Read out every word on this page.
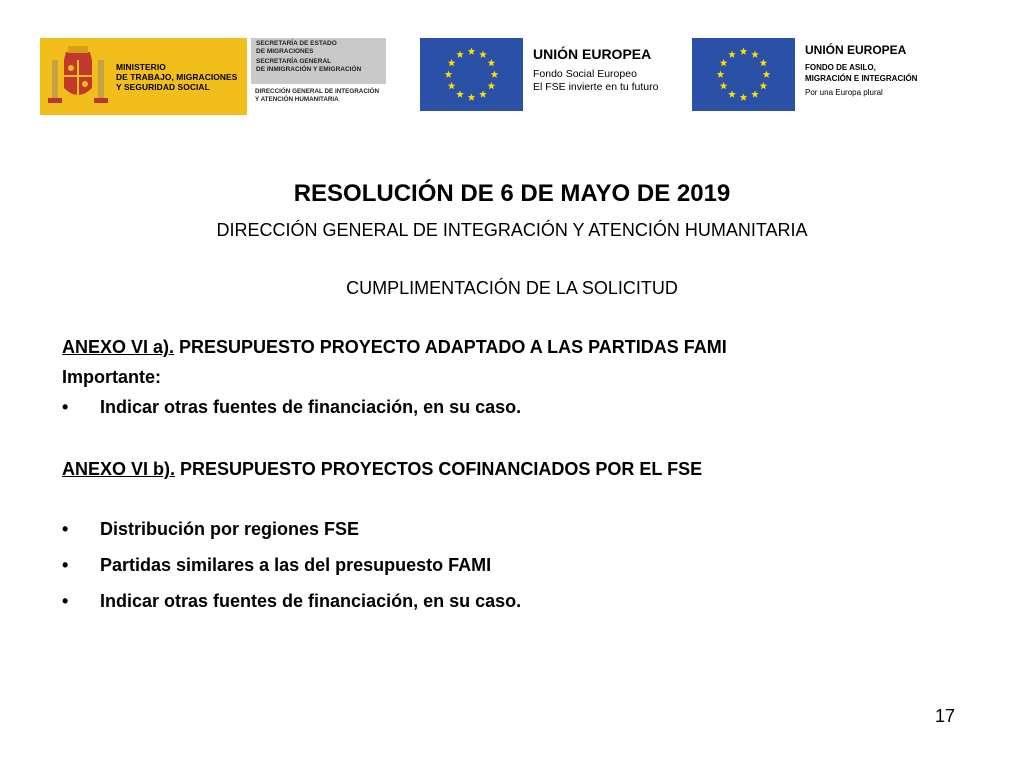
MINISTERIO
DE TRABAJO, MIGRACIONES
Y SEGURIDAD SOCIAL
SECRETARÍA DE ESTADO
DE MIGRACIONES
SECRETARÍA GENERAL
DE INMIGRACIÓN Y EMIGRACIÓN
DIRECCIÓN GENERAL DE INTEGRACIÓN
Y ATENCIÓN HUMANITARIA
UNIÓN EUROPEA
Fondo Social Europeo
El FSE invierte en tu futuro
UNIÓN EUROPEA
FONDO DE ASILO,
MIGRACIÓN E INTEGRACIÓN
Por una Europa plural
RESOLUCIÓN DE 6 DE MAYO DE 2019
DIRECCIÓN GENERAL DE INTEGRACIÓN Y ATENCIÓN HUMANITARIA
CUMPLIMENTACIÓN DE LA SOLICITUD
ANEXO VI a). PRESUPUESTO PROYECTO ADAPTADO A LAS PARTIDAS FAMI
Importante:
•	Indicar otras fuentes de financiación, en su caso.
ANEXO VI b). PRESUPUESTO PROYECTOS COFINANCIADOS POR EL FSE
•	Distribución por regiones FSE
•	Partidas similares a las del presupuesto FAMI
•	Indicar otras fuentes de financiación, en su caso.
17
